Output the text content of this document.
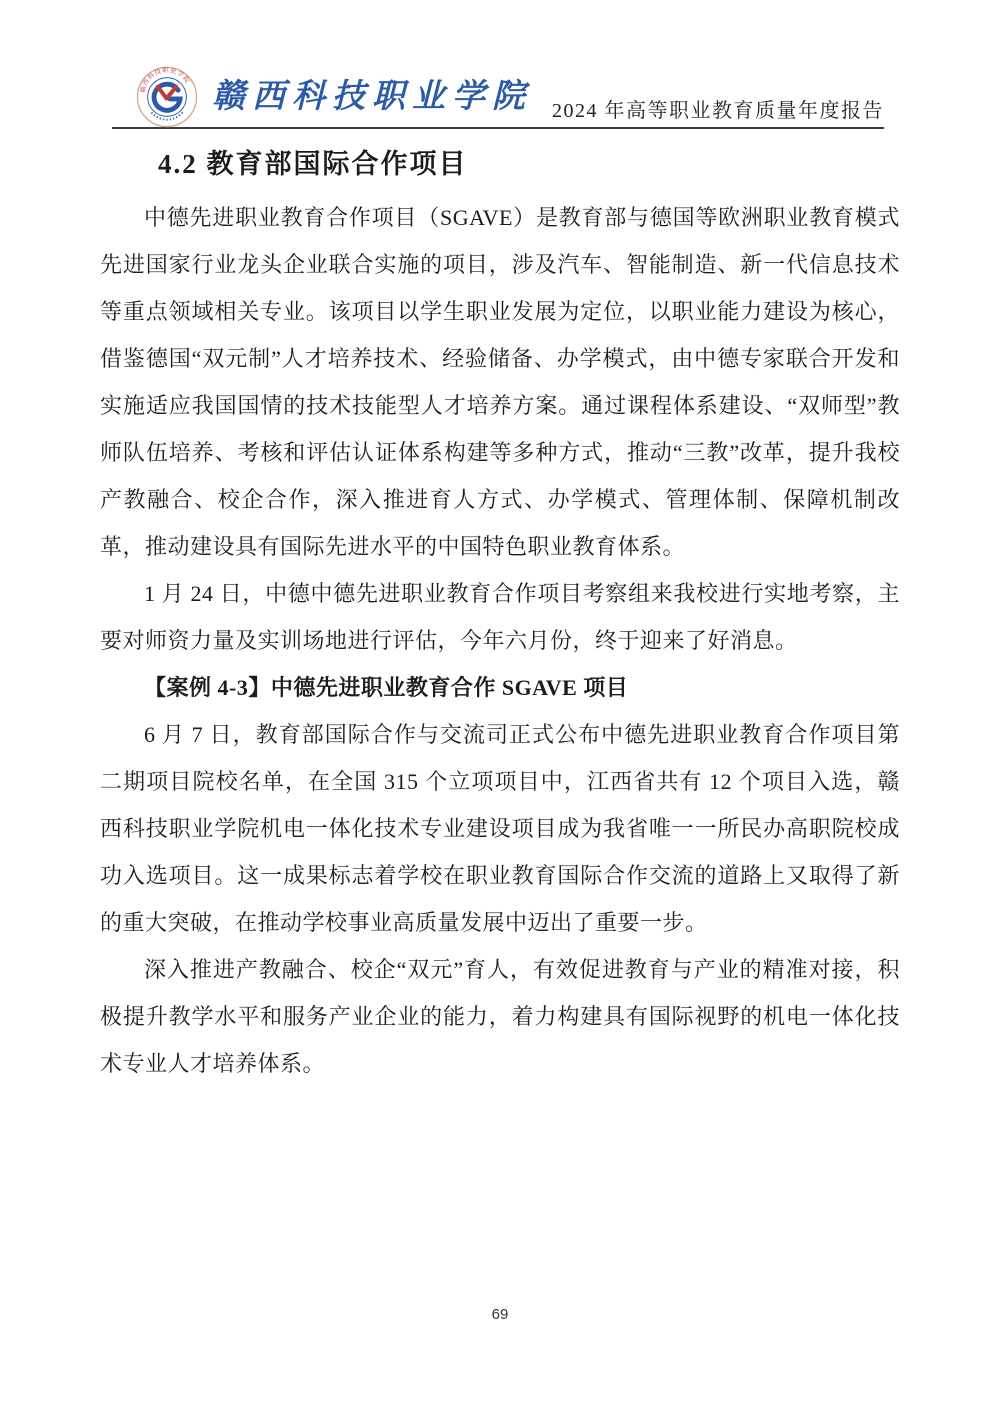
赣西科技职业学院 赣西科技职业学院 2024 年高等职业教育质量年度报告
4.2 教育部国际合作项目

中德先进职业教育合作项目（SGAVE）是教育部与德国等欧洲职业教育模式先进国家行业龙头企业联合实施的项目，涉及汽车、智能制造、新一代信息技术等重点领域相关专业。该项目以学生职业发展为定位，以职业能力建设为核心，借鉴德国“双元制”人才培养技术、经验储备、办学模式，由中德专家联合开发和实施适应我国国情的技术技能型人才培养方案。通过课程体系建设、“双师型”教师队伍培养、考核和评估认证体系构建等多种方式，推动“三教”改革，提升我校产教融合、校企合作，深入推进育人方式、办学模式、管理体制、保障机制改革，推动建设具有国际先进水平的中国特色职业教育体系。

1 月 24 日，中德中德先进职业教育合作项目考察组来我校进行实地考察，主要对师资力量及实训场地进行评估，今年六月份，终于迎来了好消息。

【案例 4-3】中德先进职业教育合作 SGAVE 项目

6 月 7 日，教育部国际合作与交流司正式公布中德先进职业教育合作项目第二期项目院校名单，在全国 315 个立项项目中，江西省共有 12 个项目入选，赣西科技职业学院机电一体化技术专业建设项目成为我省唯一一所民办高职院校成功入选项目。这一成果标志着学校在职业教育国际合作交流的道路上又取得了新的重大突破，在推动学校事业高质量发展中迈出了重要一步。

深入推进产教融合、校企“双元”育人，有效促进教育与产业的精准对接，积极提升教学水平和服务产业企业的能力，着力构建具有国际视野的机电一体化技术专业人才培养体系。

69
